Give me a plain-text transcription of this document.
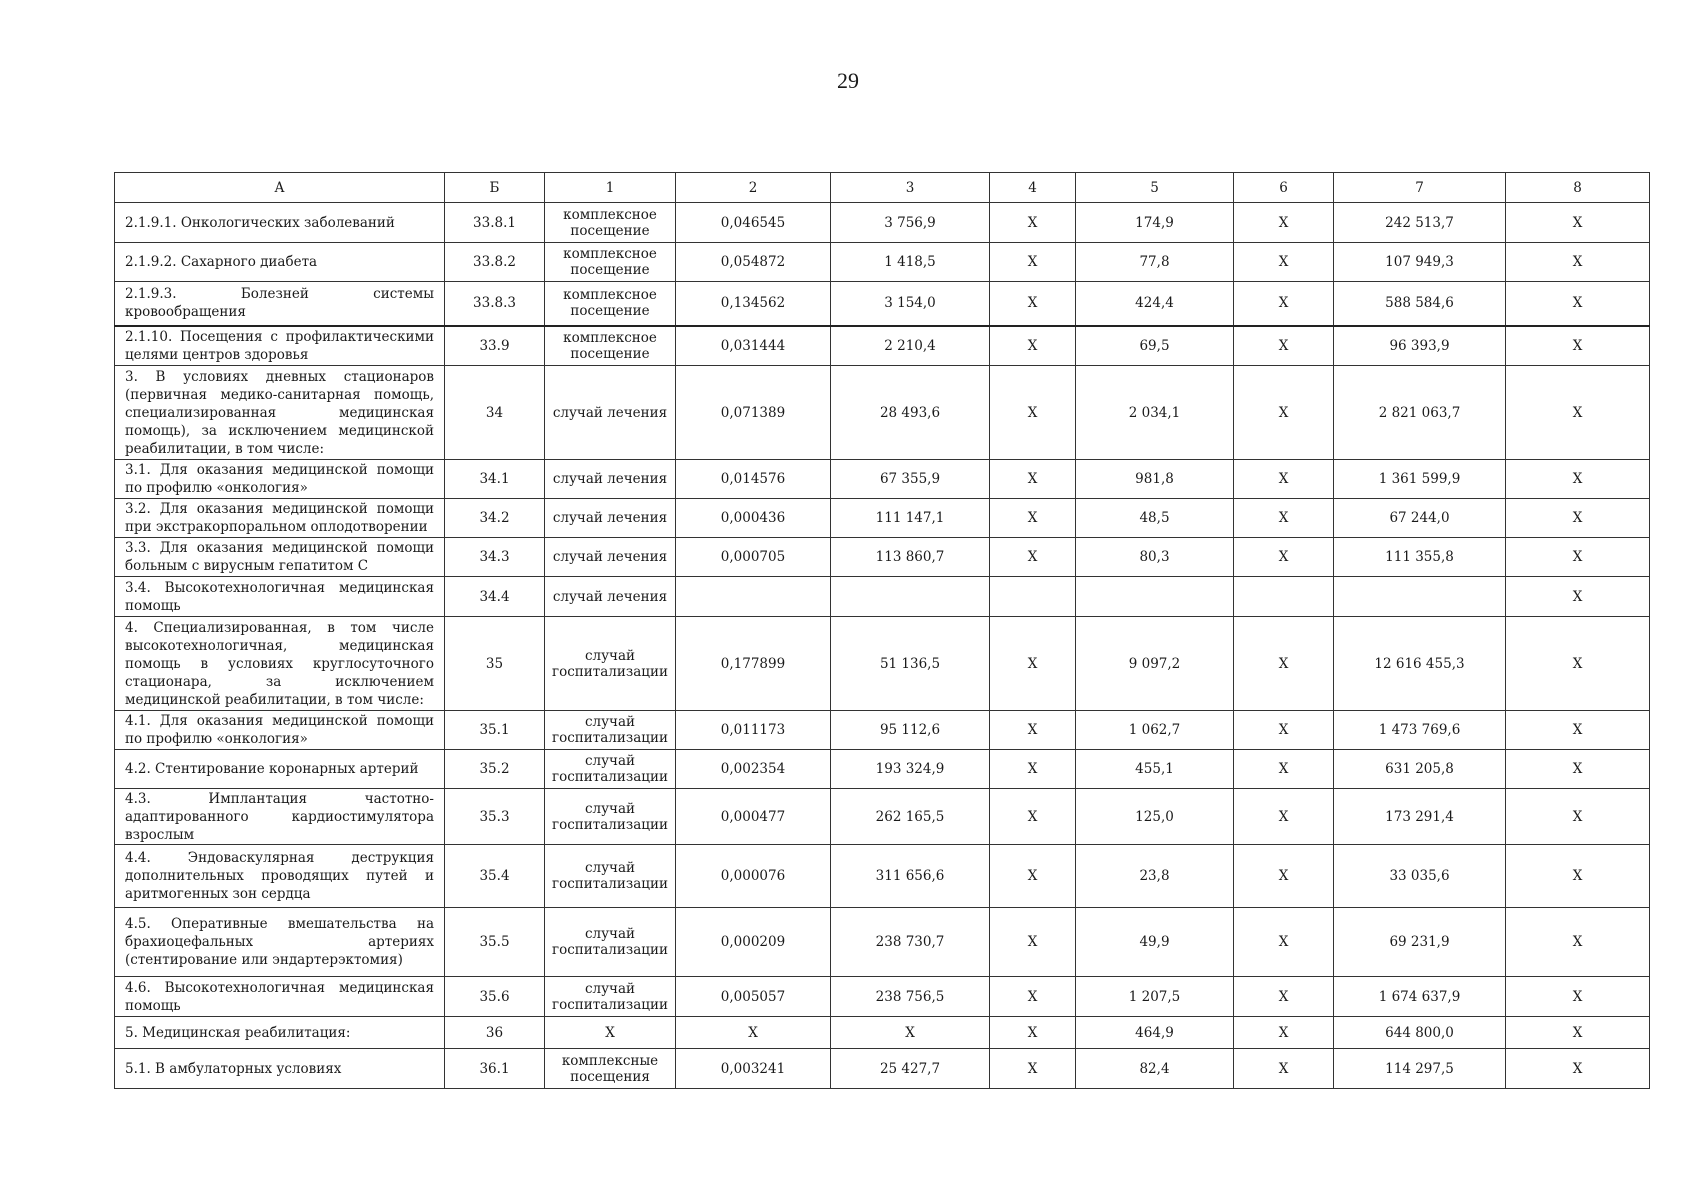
29
А	Б	1	2	3	4	5	6	7	8
2.1.9.1. Онкологических заболеваний	33.8.1	комплексное посещение	0,046545	3 756,9	Х	174,9	Х	242 513,7	Х
2.1.9.2. Сахарного диабета	33.8.2	комплексное посещение	0,054872	1 418,5	Х	77,8	Х	107 949,3	Х
2.1.9.3. Болезней системы кровообращения	33.8.3	комплексное посещение	0,134562	3 154,0	Х	424,4	Х	588 584,6	Х
2.1.10. Посещения с профилактическими целями центров здоровья	33.9	комплексное посещение	0,031444	2 210,4	Х	69,5	Х	96 393,9	Х
3. В условиях дневных стационаров (первичная медико-санитарная помощь, специализированная медицинская помощь), за исключением медицинской реабилитации, в том числе:	34	случай лечения	0,071389	28 493,6	Х	2 034,1	Х	2 821 063,7	Х
3.1. Для оказания медицинской помощи по профилю «онкология»	34.1	случай лечения	0,014576	67 355,9	Х	981,8	Х	1 361 599,9	Х
3.2. Для оказания медицинской помощи при экстракорпоральном оплодотворении	34.2	случай лечения	0,000436	111 147,1	Х	48,5	Х	67 244,0	Х
3.3. Для оказания медицинской помощи больным с вирусным гепатитом С	34.3	случай лечения	0,000705	113 860,7	Х	80,3	Х	111 355,8	Х
3.4. Высокотехнологичная медицинская помощь	34.4	случай лечения							Х
4. Специализированная, в том числе высокотехнологичная, медицинская помощь в условиях круглосуточного стационара, за исключением медицинской реабилитации, в том числе:	35	случай госпитализации	0,177899	51 136,5	Х	9 097,2	Х	12 616 455,3	Х
4.1. Для оказания медицинской помощи по профилю «онкология»	35.1	случай госпитализации	0,011173	95 112,6	Х	1 062,7	Х	1 473 769,6	Х
4.2. Стентирование коронарных артерий	35.2	случай госпитализации	0,002354	193 324,9	Х	455,1	Х	631 205,8	Х
4.3. Имплантация частотно-адаптированного кардиостимулятора взрослым	35.3	случай госпитализации	0,000477	262 165,5	Х	125,0	Х	173 291,4	Х
4.4. Эндоваскулярная деструкция дополнительных проводящих путей и аритмогенных зон сердца	35.4	случай госпитализации	0,000076	311 656,6	Х	23,8	Х	33 035,6	Х
4.5. Оперативные вмешательства на брахиоцефальных артериях (стентирование или эндартерэктомия)	35.5	случай госпитализации	0,000209	238 730,7	Х	49,9	Х	69 231,9	Х
4.6. Высокотехнологичная медицинская помощь	35.6	случай госпитализации	0,005057	238 756,5	Х	1 207,5	Х	1 674 637,9	Х
5. Медицинская реабилитация:	36	Х	Х	Х	Х	464,9	Х	644 800,0	Х
5.1. В амбулаторных условиях	36.1	комплексные посещения	0,003241	25 427,7	Х	82,4	Х	114 297,5	Х
